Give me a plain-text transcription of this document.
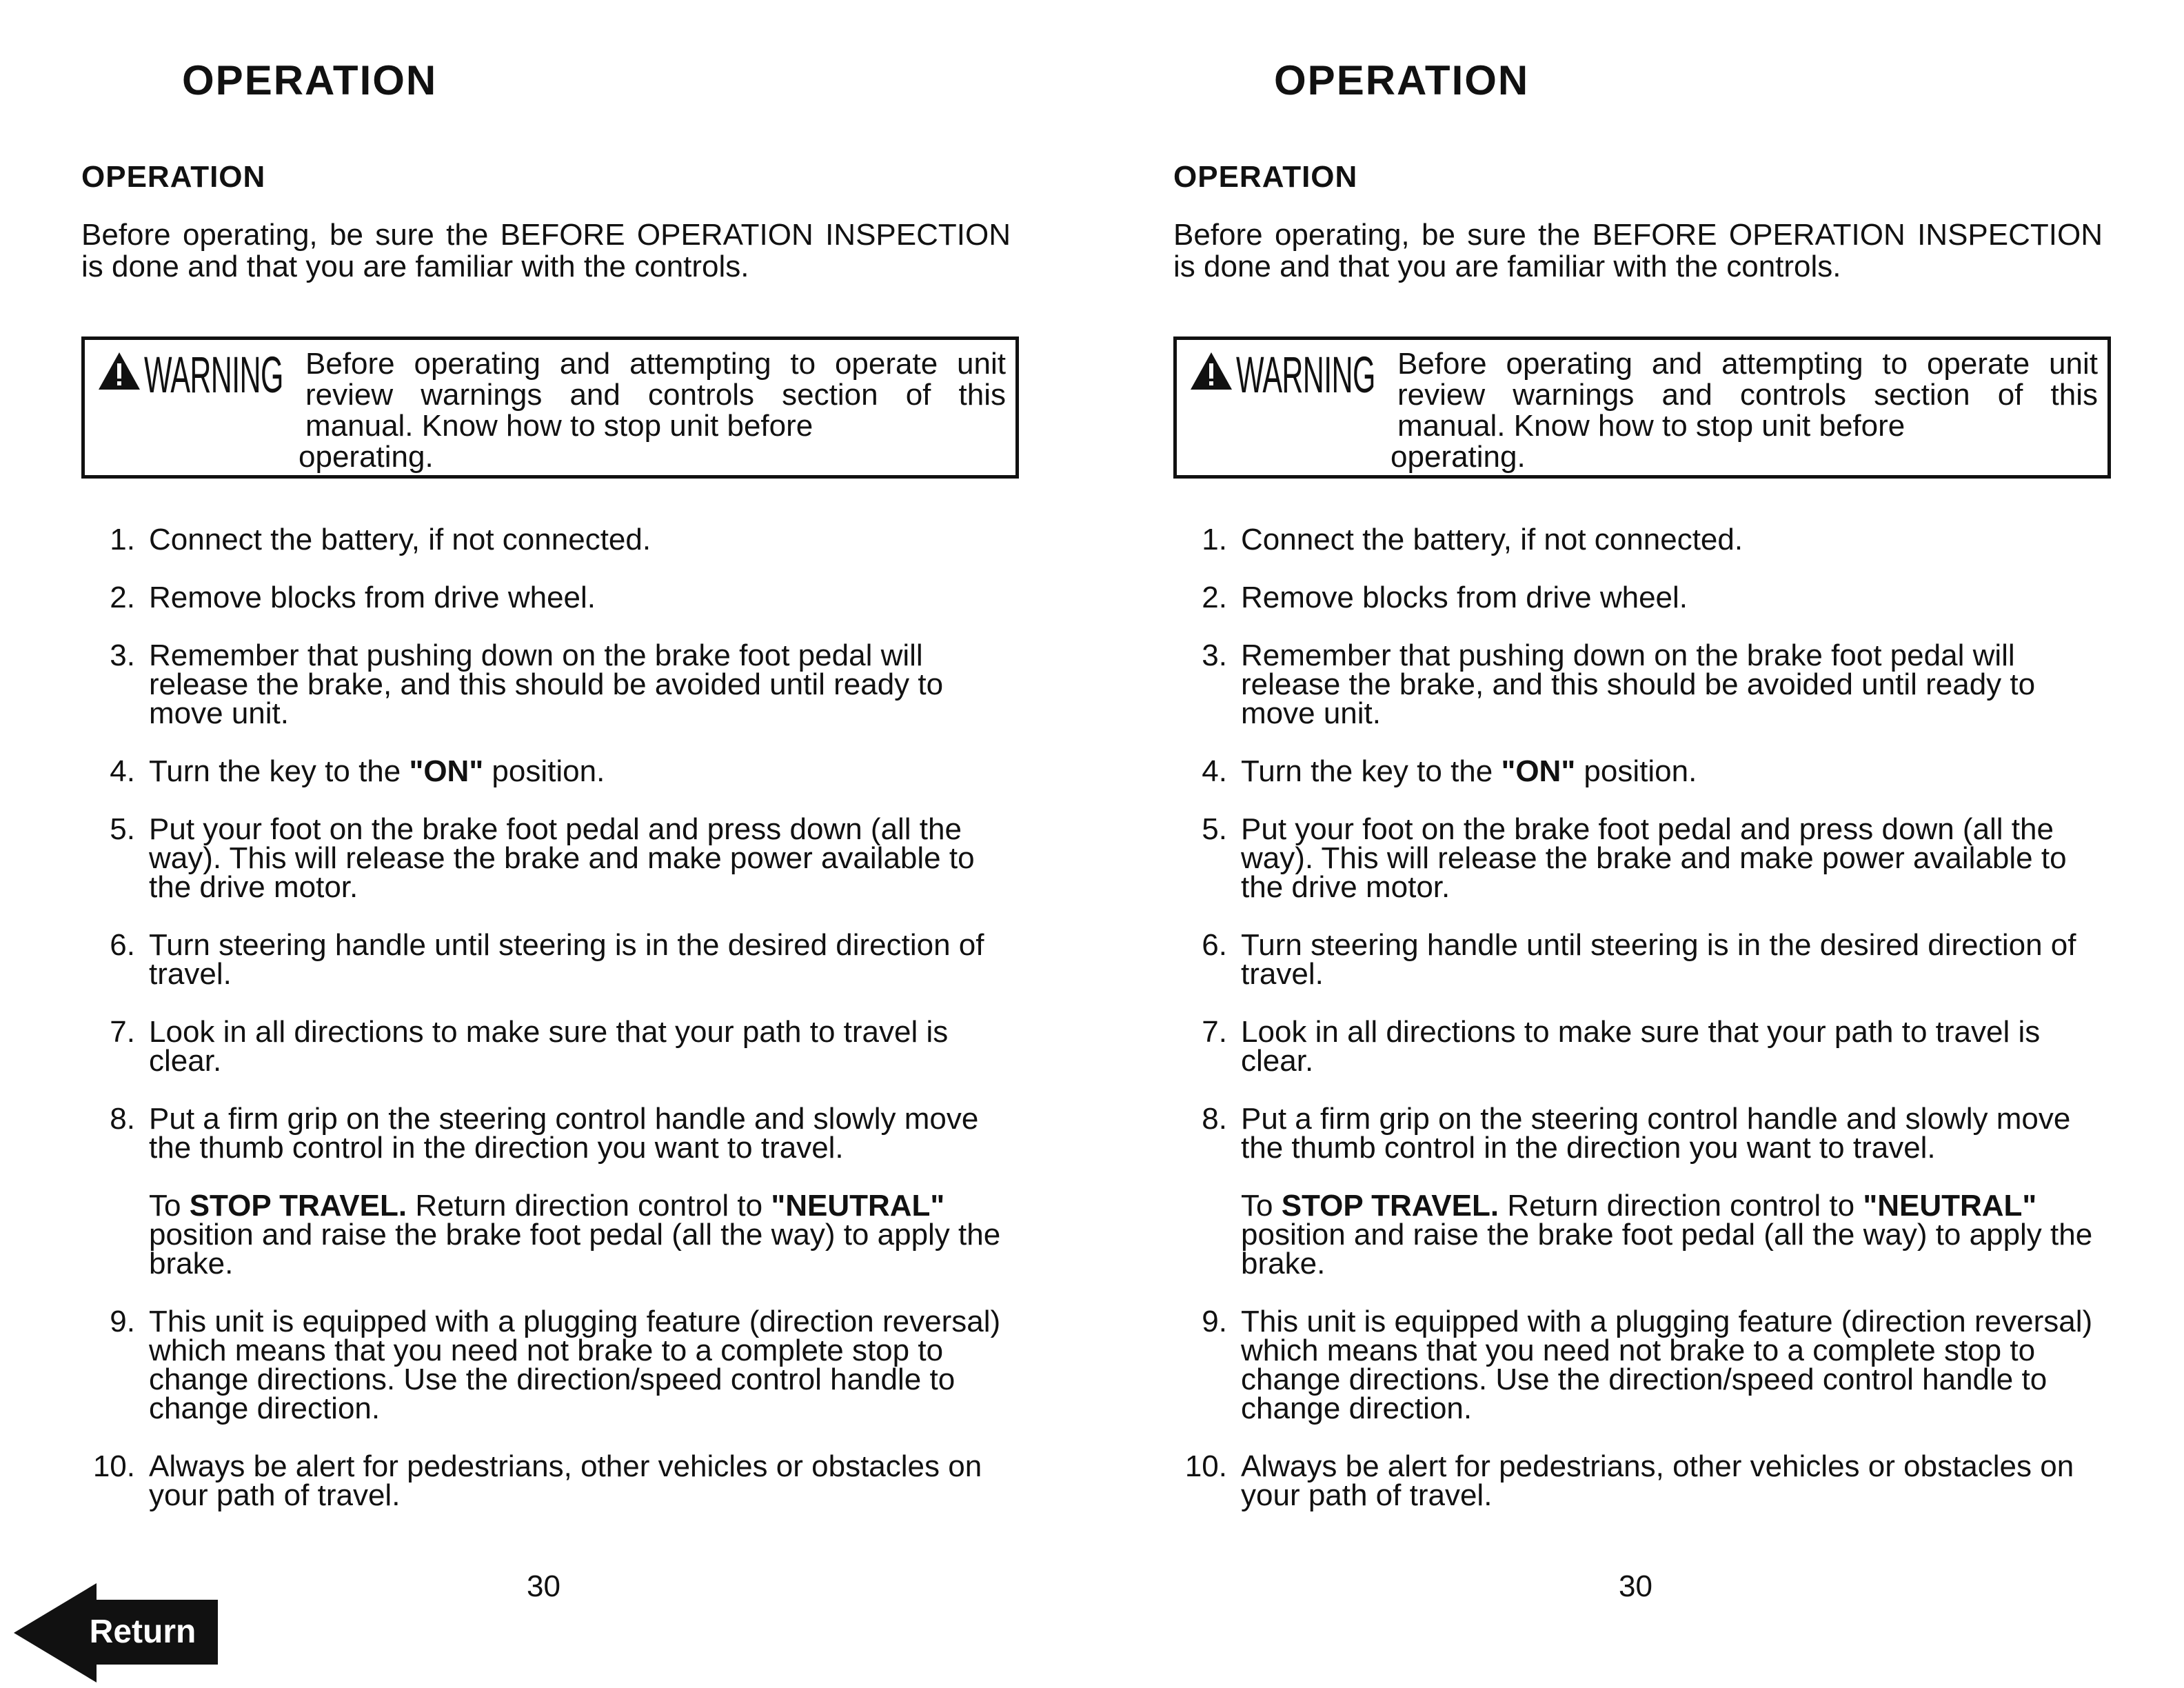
OPERATION
OPERATION

Before operating, be sure the BEFORE OPERATION INSPECTION is done and that you are familiar with the controls.

WARNING Before operating and attempting to operate unit review warnings and controls section of this manual. Know how to stop unit before
operating.

1. Connect the battery, if not connected.
2. Remove blocks from drive wheel.
3. Remember that pushing down on the brake foot pedal will release the brake, and this should be avoided until ready to move unit.
4. Turn the key to the "ON" position.
5. Put your foot on the brake foot pedal and press down (all the way). This will release the brake and make power available to the drive motor.
6. Turn steering handle until steering is in the desired direction of travel.
7. Look in all directions to make sure that your path to travel is clear.
8. Put a firm grip on the steering control handle and slowly move the thumb control in the direction you want to travel.
To STOP TRAVEL. Return direction control to "NEUTRAL" position and raise the brake foot pedal (all the way) to apply the brake.
9. This unit is equipped with a plugging feature (direction reversal) which means that you need not brake to a complete stop to change directions. Use the direction/speed control handle to change direction.
10. Always be alert for pedestrians, other vehicles or obstacles on your path of travel.
30
OPERATION
OPERATION

Before operating, be sure the BEFORE OPERATION INSPECTION is done and that you are familiar with the controls.

WARNING Before operating and attempting to operate unit review warnings and controls section of this manual. Know how to stop unit before
operating.

1. Connect the battery, if not connected.
2. Remove blocks from drive wheel.
3. Remember that pushing down on the brake foot pedal will release the brake, and this should be avoided until ready to move unit.
4. Turn the key to the "ON" position.
5. Put your foot on the brake foot pedal and press down (all the way). This will release the brake and make power available to the drive motor.
6. Turn steering handle until steering is in the desired direction of travel.
7. Look in all directions to make sure that your path to travel is clear.
8. Put a firm grip on the steering control handle and slowly move the thumb control in the direction you want to travel.
To STOP TRAVEL. Return direction control to "NEUTRAL" position and raise the brake foot pedal (all the way) to apply the brake.
9. This unit is equipped with a plugging feature (direction reversal) which means that you need not brake to a complete stop to change directions. Use the direction/speed control handle to change direction.
10. Always be alert for pedestrians, other vehicles or obstacles on your path of travel.
30
Return
